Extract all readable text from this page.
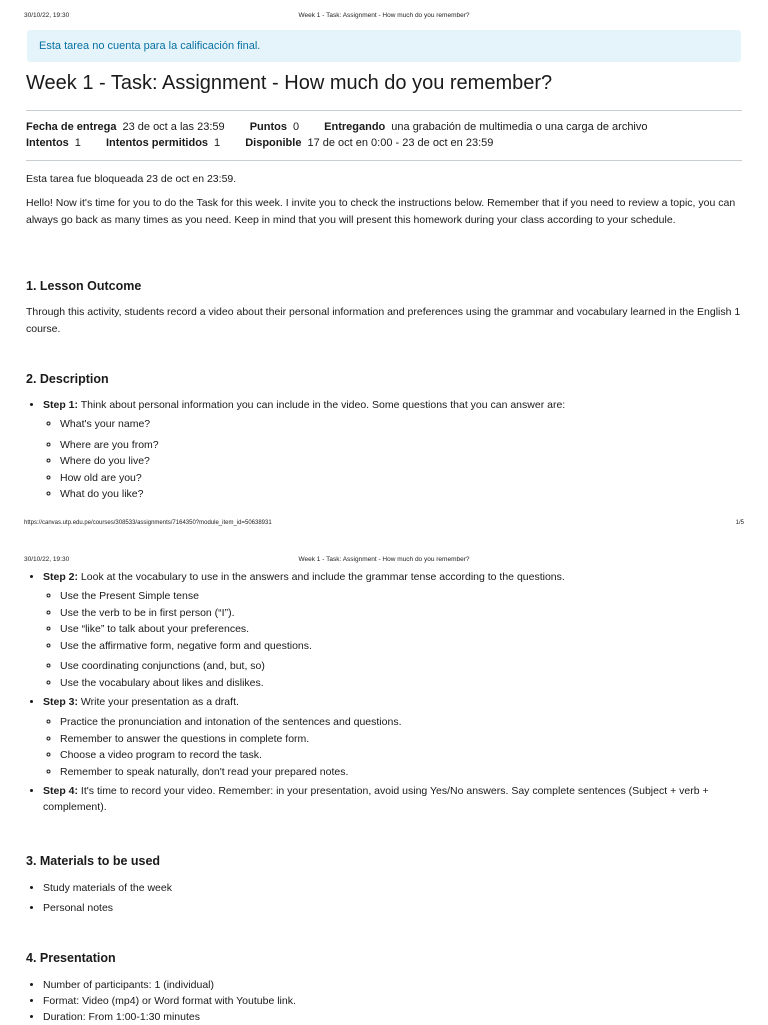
30/10/22, 19:30	Week 1 - Task: Assignment - How much do you remember?
Esta tarea no cuenta para la calificación final.
Week 1 - Task: Assignment - How much do you remember?
Fecha de entrega 23 de oct a las 23:59 Puntos 0 Entregando una grabación de multimedia o una carga de archivo
Intentos 1 Intentos permitidos 1 Disponible 17 de oct en 0:00 - 23 de oct en 23:59

Esta tarea fue bloqueada 23 de oct en 23:59.

Hello! Now it's time for you to do the Task for this week. I invite you to check the instructions below. Remember that if you need to review a topic, you can always go back as many times as you need. Keep in mind that you will present this homework during your class according to your schedule.

1. Lesson Outcome

Through this activity, students record a video about their personal information and preferences using the grammar and vocabulary learned in the English 1 course.

2. Description
• Step 1: Think about personal information you can include in the video. Some questions that you can answer are:
◦ What's your name?
◦ Where are you from?
◦ Where do you live?
◦ How old are you?
◦ What do you like?
https://canvas.utp.edu.pe/courses/308533/assignments/7164350?module_item_id=50638931	1/5
30/10/22, 19:30	Week 1 - Task: Assignment - How much do you remember?
• Step 2: Look at the vocabulary to use in the answers and include the grammar tense according to the questions.
◦ Use the Present Simple tense
◦ Use the verb to be in first person (“I”).
◦ Use “like” to talk about your preferences.
◦ Use the affirmative form, negative form and questions.
◦ Use coordinating conjunctions (and, but, so)
◦ Use the vocabulary about likes and dislikes.
• Step 3: Write your presentation as a draft.
◦ Practice the pronunciation and intonation of the sentences and questions.
◦ Remember to answer the questions in complete form.
◦ Choose a video program to record the task.
◦ Remember to speak naturally, don't read your prepared notes.
• Step 4: It's time to record your video. Remember: in your presentation, avoid using Yes/No answers. Say complete sentences (Subject + verb + complement).
3. Materials to be used
• Study materials of the week
• Personal notes
4. Presentation
• Number of participants: 1 (individual)
• Format: Video (mp4) or Word format with Youtube link.
• Duration: From 1:00-1:30 minutes
